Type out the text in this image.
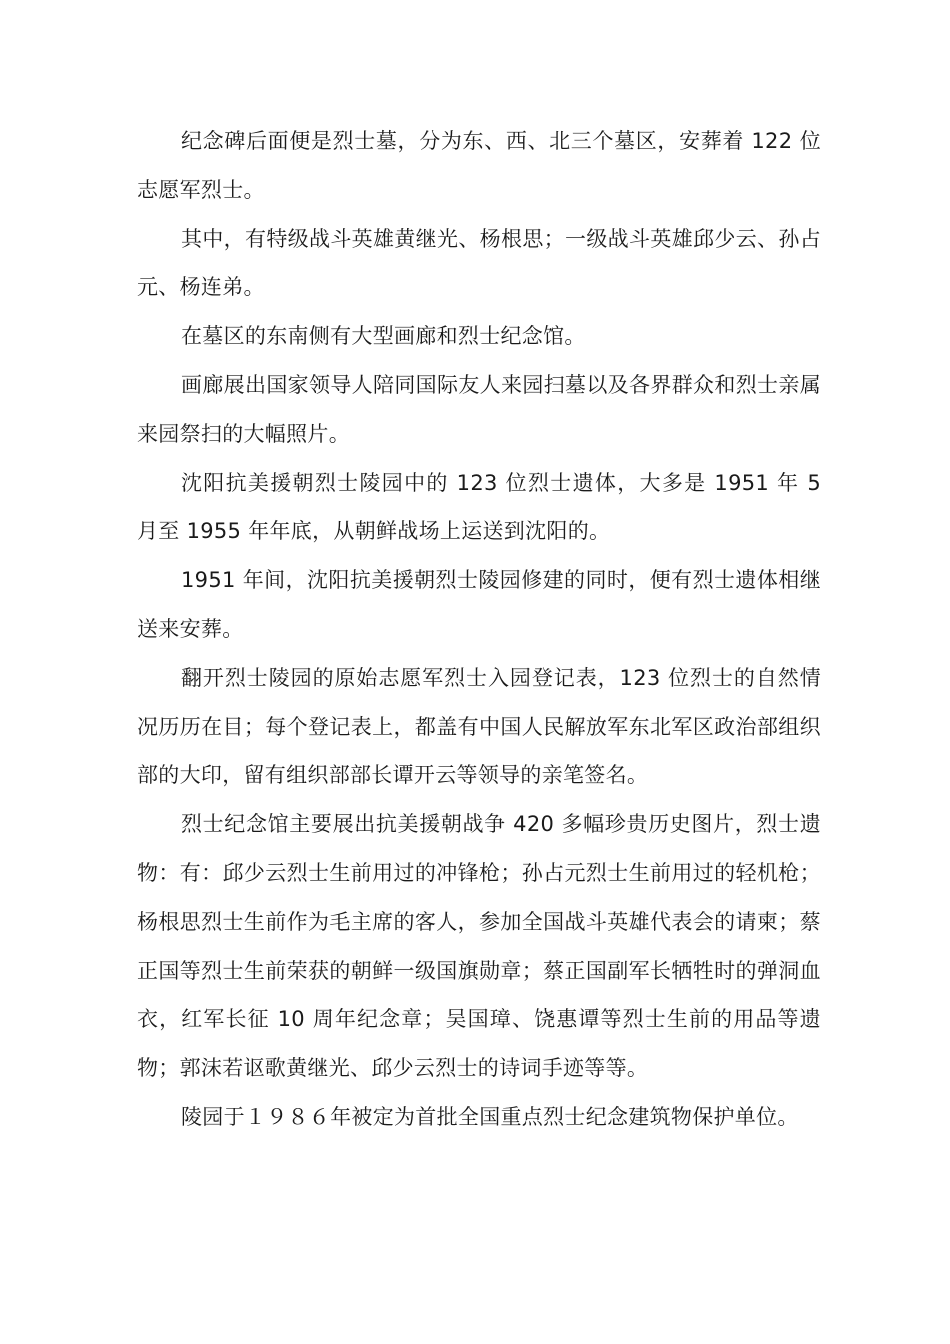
纪念碑后面便是烈士墓，分为东、西、北三个墓区，安葬着 122 位志愿军烈士。

其中，有特级战斗英雄黄继光、杨根思；一级战斗英雄邱少云、孙占元、杨连弟。

在墓区的东南侧有大型画廊和烈士纪念馆。

画廊展出国家领导人陪同国际友人来园扫墓以及各界群众和烈士亲属来园祭扫的大幅照片。

沈阳抗美援朝烈士陵园中的 123 位烈士遗体，大多是 1951 年 5 月至 1955 年年底，从朝鲜战场上运送到沈阳的。

1951 年间，沈阳抗美援朝烈士陵园修建的同时，便有烈士遗体相继送来安葬。

翻开烈士陵园的原始志愿军烈士入园登记表，123 位烈士的自然情况历历在目；每个登记表上，都盖有中国人民解放军东北军区政治部组织部的大印，留有组织部部长谭开云等领导的亲笔签名。

烈士纪念馆主要展出抗美援朝战争 420 多幅珍贵历史图片，烈士遗物：有：邱少云烈士生前用过的冲锋枪；孙占元烈士生前用过的轻机枪；杨根思烈士生前作为毛主席的客人，参加全国战斗英雄代表会的请柬；蔡正国等烈士生前荣获的朝鲜一级国旗勋章；蔡正国副军长牺牲时的弹洞血衣，红军长征 10 周年纪念章；吴国璋、饶惠谭等烈士生前的用品等遗物；郭沫若讴歌黄继光、邱少云烈士的诗词手迹等等。

陵园于１９８６年被定为首批全国重点烈士纪念建筑物保护单位。
